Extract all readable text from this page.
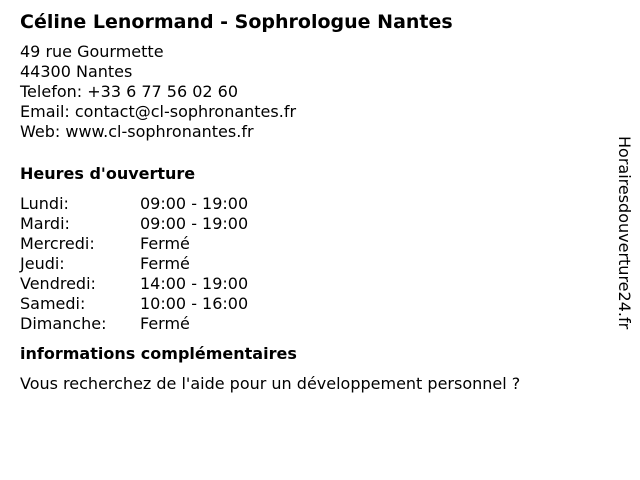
Céline Lenormand - Sophrologue Nantes
49 rue Gourmette
44300 Nantes
Telefon: +33 6 77 56 02 60
Email: contact@cl-sophronantes.fr
Web: www.cl-sophronantes.fr
Heures d'ouverture
Lundi:	09:00 - 19:00
Mardi:	09:00 - 19:00
Mercredi:	Fermé
Jeudi:	Fermé
Vendredi:	14:00 - 19:00
Samedi:	10:00 - 16:00
Dimanche:	Fermé
informations complémentaires
Vous recherchez de l'aide pour un développement personnel ?
Horairesdouverture24.fr
